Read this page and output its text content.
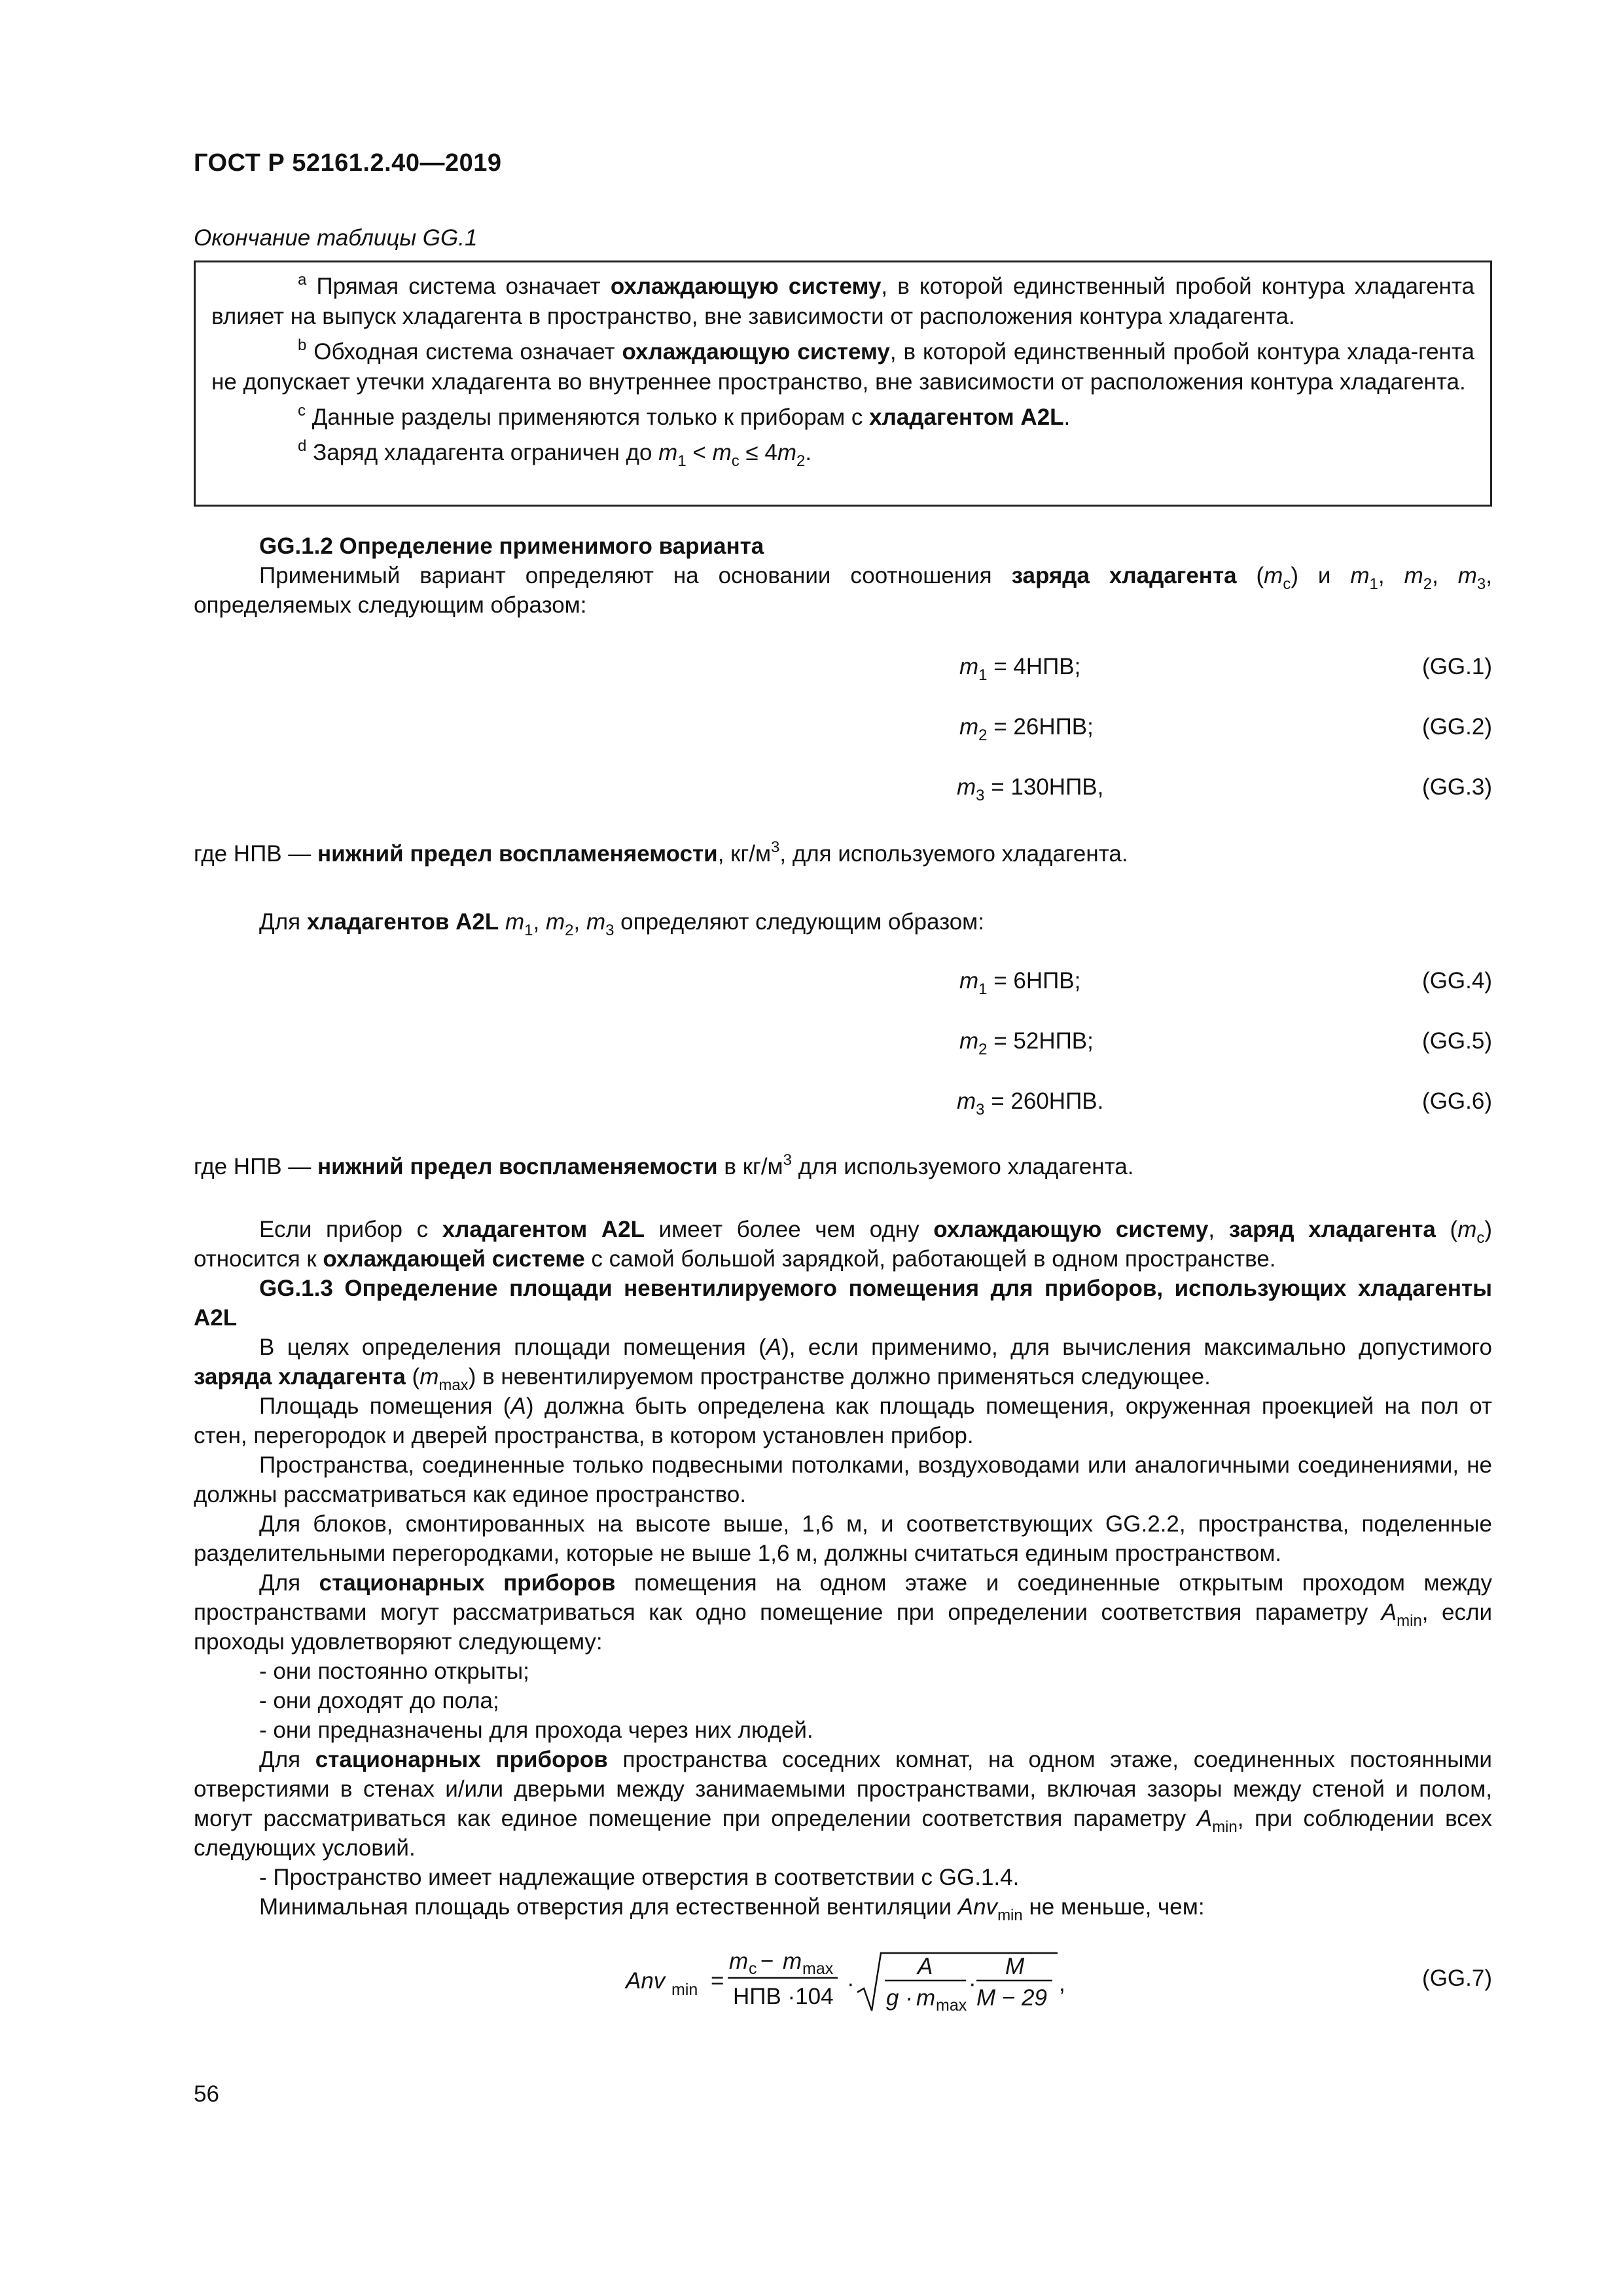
ГОСТ Р 52161.2.40—2019
Окончание таблицы GG.1

$^a$ Прямая система означает охлаждающую систему, в которой единственный пробой контура хладагента влияет на выпуск хладагента в пространство, вне зависимости от расположения контура хладагента.

$^b$ Обходная система означает охлаждающую систему, в которой единственный пробой контура хлада-гента не допускает утечки хладагента во внутреннее пространство, вне зависимости от расположения контура хладагента.

$^c$ Данные разделы применяются только к приборам с хладагентом A2L.

$^d$ Заряд хладагента ограничен до $m_1 < m_c \le 4m_2$.

GG.1.2 Определение применимого варианта

Применимый вариант определяют на основании соотношения заряда хладагента $(m_c)$ и $m_1$, $m_2$, $m_3$, определяемых следующим образом:

$m_1 = 4НПВ$;	(GG.1)
$m_2 = 26НПВ$;	(GG.2)
$m_3 = 130НПВ$,	(GG.3)

где НПВ — нижний предел воспламеняемости, $кг/м^3$, для используемого хладагента.

Для хладагентов A2L $m_1$, $m_2$, $m_3$ определяют следующим образом:

$m_1 = 6НПВ$;	(GG.4)
$m_2 = 52НПВ$;	(GG.5)
$m_3 = 260НПВ$.	(GG.6)

где НПВ — нижний предел воспламеняемости в $кг/м^3$ для используемого хладагента.

Если прибор с хладагентом A2L имеет более чем одну охлаждающую систему, заряд хладагента $(m_c)$ относится к охлаждающей системе с самой большой зарядкой, работающей в одном пространстве.

GG.1.3 Определение площади невентилируемого помещения для приборов, использующих хладагенты A2L

В целях определения площади помещения (A), если применимо, для вычисления максимально допустимого заряда хладагента $(m_{max})$ в невентилируемом пространстве должно применяться следующее.

Площадь помещения (A) должна быть определена как площадь помещения, окруженная проекцией на пол от стен, перегородок и дверей пространства, в котором установлен прибор.

Пространства, соединенные только подвесными потолками, воздуховодами или аналогичными соединениями, не должны рассматриваться как единое пространство.

Для блоков, смонтированных на высоте выше, 1,6 м, и соответствующих GG.2.2, пространства, поделенные разделительными перегородками, которые не выше 1,6 м, должны считаться единым пространством.

Для стационарных приборов помещения на одном этаже и соединенные открытым проходом между пространствами могут рассматриваться как одно помещение при определении соответствия параметру $A_{min}$, если проходы удовлетворяют следующему:

- они постоянно открыты;
- они доходят до пола;
- они предназначены для прохода через них людей.

Для стационарных приборов пространства соседних комнат, на одном этаже, соединенных постоянными отверстиями в стенах и/или дверьми между занимаемыми пространствами, включая зазоры между стеной и полом, могут рассматриваться как единое помещение при определении соответствия параметру $A_{min}$, при соблюдении всех следующих условий.

- Пространство имеет надлежащие отверстия в соответствии с GG.1.4.

Минимальная площадь отверстия для естественной вентиляции Anv$_{min}$ не меньше, чем:

Anv min =
m c − m max
НПВ ·104
·
A
g · m max
·
M
M − 29
,	(GG.7)
56
